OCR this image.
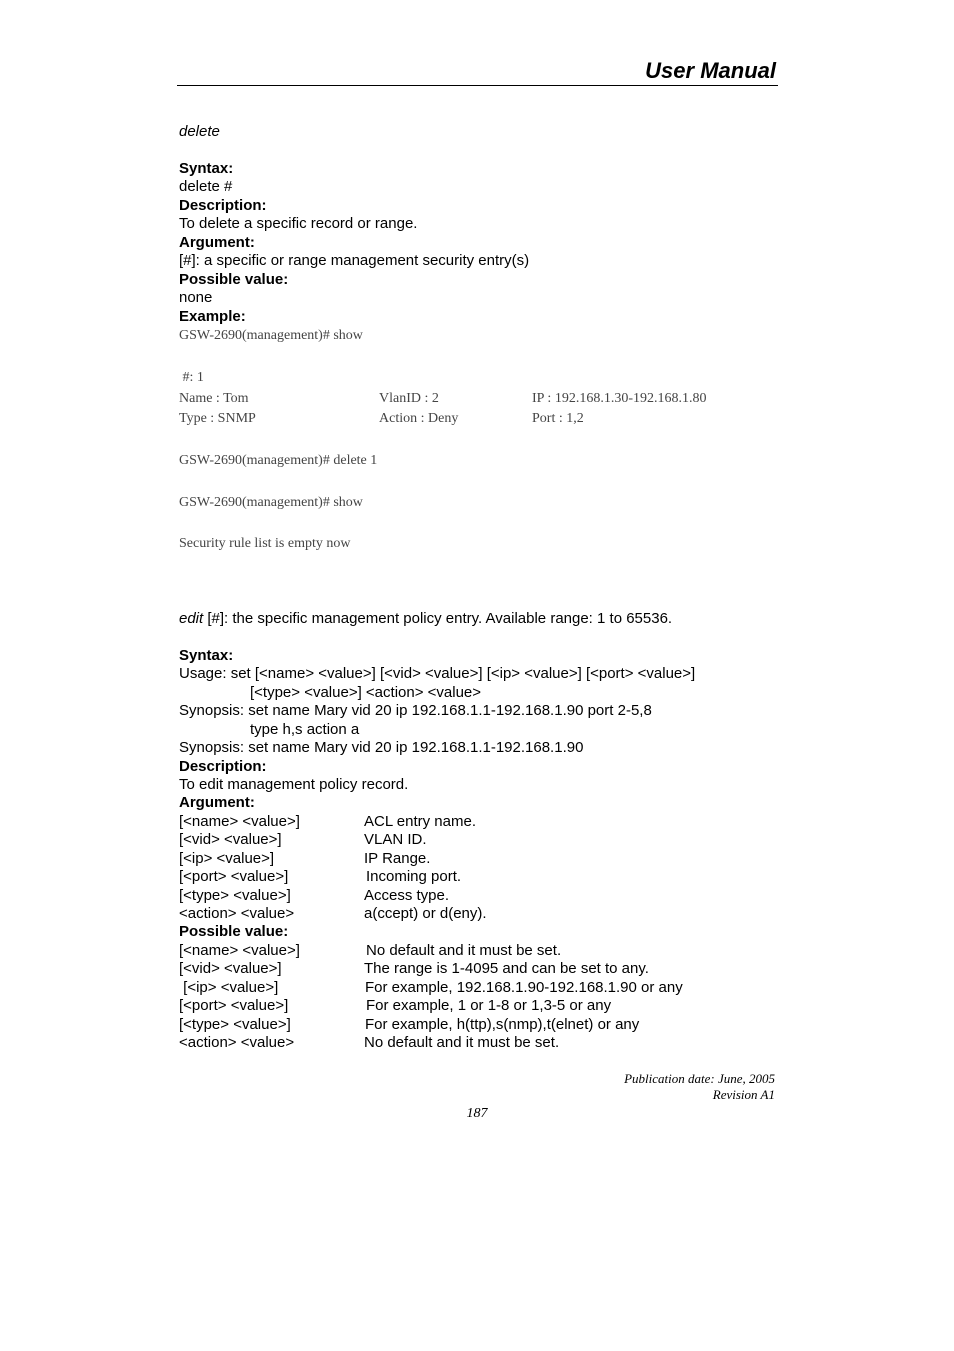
User Manual
delete
Syntax:
delete #
Description:
To delete a specific record or range.
Argument:
[#]: a specific or range management security entry(s)
Possible value:
none
Example:
GSW-2690(management)# show
#: 1
Name : Tom	VlanID : 2	IP : 192.168.1.30-192.168.1.80
Type : SNMP	Action : Deny	Port : 1,2
GSW-2690(management)# delete 1
GSW-2690(management)# show
Security rule list is empty now
edit [#]: the specific management policy entry. Available range: 1 to 65536.
Syntax:
Usage: set [<name> <value>] [<vid> <value>] [<ip> <value>] [<port> <value>]
[<type> <value>] <action> <value>
Synopsis: set name Mary vid 20 ip 192.168.1.1-192.168.1.90 port 2-5,8
type h,s action a
Synopsis: set name Mary vid 20 ip 192.168.1.1-192.168.1.90
Description:
To edit management policy record.
Argument:
[<name> <value>]	ACL entry name.
[<vid> <value>]	VLAN ID.
[<ip> <value>]	IP Range.
[<port> <value>]	Incoming port.
[<type> <value>]	Access type.
<action> <value>	a(ccept) or d(eny).
Possible value:
[<name> <value>]	No default and it must be set.
[<vid> <value>]	The range is 1-4095 and can be set to any.
[<ip> <value>]	For example, 192.168.1.90-192.168.1.90 or any
[<port> <value>]	For example, 1 or 1-8 or 1,3-5 or any
[<type> <value>]	For example, h(ttp),s(nmp),t(elnet) or any
<action> <value>	No default and it must be set.
Publication date: June, 2005
Revision A1
187
